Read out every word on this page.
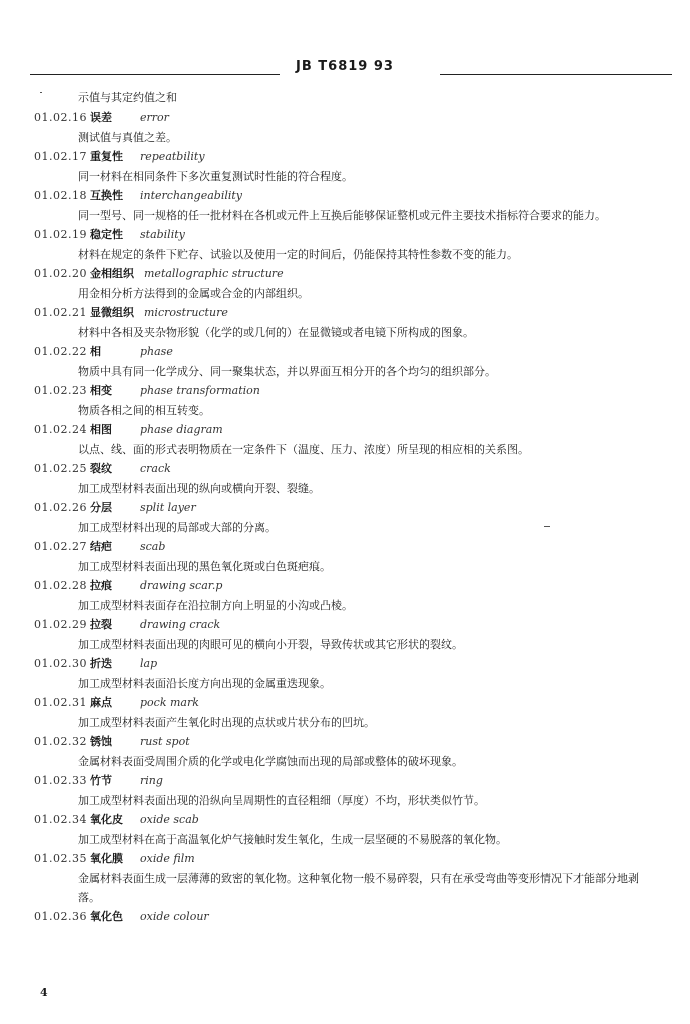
JB T6819 93
示值与其定约值之和
01.02.16 误差	error
测试值与真值之差。
01.02.17 重复性 repeatbility
同一材料在相同条件下多次重复测试时性能的符合程度。
01.02.18 互换性 interchangeability
同一型号、同一规格的任一批材料在各机或元件上互换后能够保证整机或元件主要技术指标符合要求的能力。
01.02.19 稳定性 stability
材料在规定的条件下贮存、试验以及使用一定的时间后，仍能保持其特性参数不变的能力。
01.02.20 金相组织 metallographic structure
用金相分析方法得到的金属或合金的内部组织。
01.02.21 显微组织 microstructure
材料中各相及夹杂物形貌（化学的或几何的）在显微镜或者电镜下所构成的图象。
01.02.22 相	phase
物质中具有同一化学成分、同一聚集状态，并以界面互相分开的各个均匀的组织部分。
01.02.23 相变	phase transformation
物质各相之间的相互转变。
01.02.24 相图	phase diagram
以点、线、面的形式表明物质在一定条件下（温度、压力、浓度）所呈现的相应相的关系图。
01.02.25 裂纹	crack
加工成型材料表面出现的纵向或横向开裂、裂缝。
01.02.26 分层	split layer
加工成型材料出现的局部或大部的分离。
01.02.27 结疤	scab
加工成型材料表面出现的黑色氧化斑或白色斑疤痕。
01.02.28 拉痕	drawing scar.p
加工成型材料表面存在沿拉制方向上明显的小沟或凸棱。
01.02.29 拉裂	drawing crack
加工成型材料表面出现的肉眼可见的横向小开裂，导致传状或其它形状的裂纹。
01.02.30 折迭	lap
加工成型材料表面沿长度方向出现的金属重迭现象。
01.02.31 麻点	pock mark
加工成型材料表面产生氧化时出现的点状或片状分布的凹坑。
01.02.32 锈蚀	rust spot
金属材料表面受周围介质的化学或电化学腐蚀而出现的局部或整体的破坏现象。
01.02.33 竹节	ring
加工成型材料表面出现的沿纵向呈周期性的直径粗细（厚度）不均，形状类似竹节。
01.02.34 氧化皮 oxide scab
加工成型材料在高于高温氧化炉气接触时发生氧化，生成一层坚硬的不易脱落的氧化物。
01.02.35 氧化膜 oxide film
金属材料表面生成一层薄薄的致密的氧化物。这种氧化物一般不易碎裂，只有在承受弯曲等变形情况下才能部分地剥落。
01.02.36 氧化色 oxide colour
4
